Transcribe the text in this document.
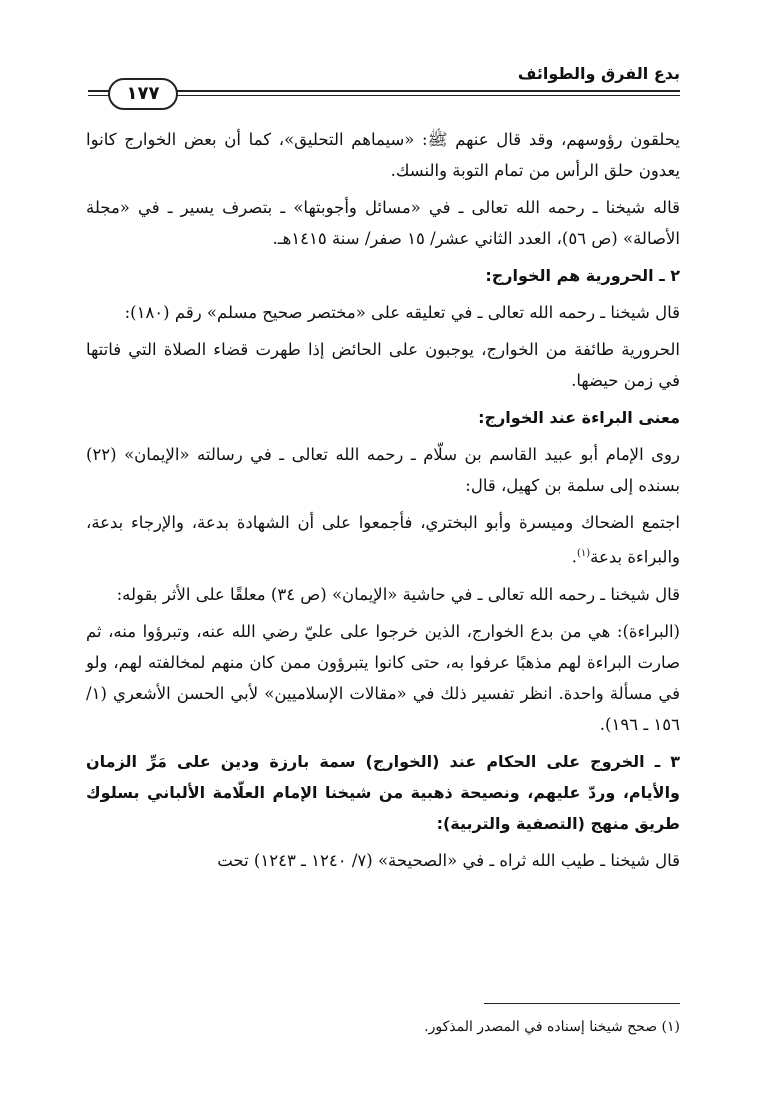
بدع الفرق والطوائف
١٧٧

يحلقون رؤوسهم، وقد قال عنهم ﷺ: «سيماهم التحليق»، كما أن بعض الخوارج كانوا يعدون حلق الرأس من تمام التوبة والنسك.

قاله شيخنا ـ رحمه الله تعالى ـ في «مسائل وأجوبتها» ـ بتصرف يسير ـ في «مجلة الأصالة» (ص ٥٦)، العدد الثاني عشر/ ١٥ صفر/ سنة ١٤١٥هـ.

٢ ـ الحرورية هم الخوارج:

قال شيخنا ـ رحمه الله تعالى ـ في تعليقه على «مختصر صحيح مسلم» رقم (١٨٠):

الحرورية طائفة من الخوارج، يوجبون على الحائض إذا طهرت قضاء الصلاة التي فاتتها في زمن حيضها.

معنى البراءة عند الخوارج:

روى الإمام أبو عبيد القاسم بن سلّام ـ رحمه الله تعالى ـ في رسالته «الإيمان» (٢٢) بسنده إلى سلمة بن كهيل، قال:

اجتمع الضحاك وميسرة وأبو البختري، فأجمعوا على أن الشهادة بدعة، والإرجاء بدعة، والبراءة بدعة$^{(١)}$.

قال شيخنا ـ رحمه الله تعالى ـ في حاشية «الإيمان» (ص ٣٤) معلقًا على الأثر بقوله:

(البراءة): هي من بدع الخوارج، الذين خرجوا على عليّ رضي الله عنه، وتبرؤوا منه، ثم صارت البراءة لهم مذهبًا عرفوا به، حتى كانوا يتبرؤون ممن كان منهم لمخالفته لهم، ولو في مسألة واحدة. انظر تفسير ذلك في «مقالات الإسلاميين» لأبي الحسن الأشعري (١/ ١٥٦ ـ ١٩٦).

٣ ـ الخروج على الحكام عند (الخوارج) سمة بارزة ودين على مَرِّ الزمان والأيام، وردّ عليهم، ونصيحة ذهبية من شيخنا الإمام العلّامة الألباني بسلوك طريق منهج (التصفية والتربية):

قال شيخنا ـ طيب الله ثراه ـ في «الصحيحة» (٧/ ١٢٤٠ ـ ١٢٤٣) تحت

(١) صحح شيخنا إسناده في المصدر المذكور.
